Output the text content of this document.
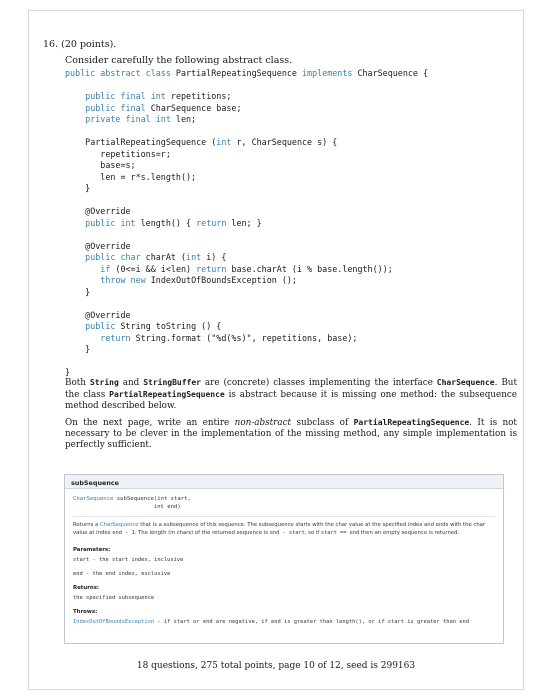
16. (20 points).
Consider carefully the following abstract class.
public abstract class PartialRepeatingSequence implements CharSequence {

public final int repetitions;
public final CharSequence base;
private final int len;

PartialRepeatingSequence (int r, CharSequence s) {
repetitions=r;
base=s;
len = r*s.length();
}

@Override
public int length() { return len; }

@Override
public char charAt (int i) {
if (0<=i && i<len) return base.charAt (i % base.length());
throw new IndexOutOfBoundsException ();
}

@Override
public String toString () {
return String.format ("%d(%s)", repetitions, base);
}

}

Both String and StringBuffer are (concrete) classes implementing the interface CharSequence. But the class PartialRepeatingSequence is abstract because it is missing one method: the subsequence method described below.

On the next page, write an entire non-abstract subclass of PartialRepeatingSequence. It is not necessary to be clever in the implementation of the missing method, any simple implementation is perfectly sufficient.

18 questions, 275 total points, page 10 of 12, seed is 299163
subSequence
CharSequence subSequence(int start,
int end)
Returns a CharSequence that is a subsequence of this sequence. The subsequence starts with the char value at the specified index and ends with the char value at index end - 1. The length (in chars) of the returned sequence is end - start, so if start == end then an empty sequence is returned.
Parameters:
start - the start index, inclusive
end - the end index, exclusive
Returns:
the specified subsequence
Throws:
IndexOutOfBoundsException - if start or end are negative, if end is greater than length(), or if start is greater than end
